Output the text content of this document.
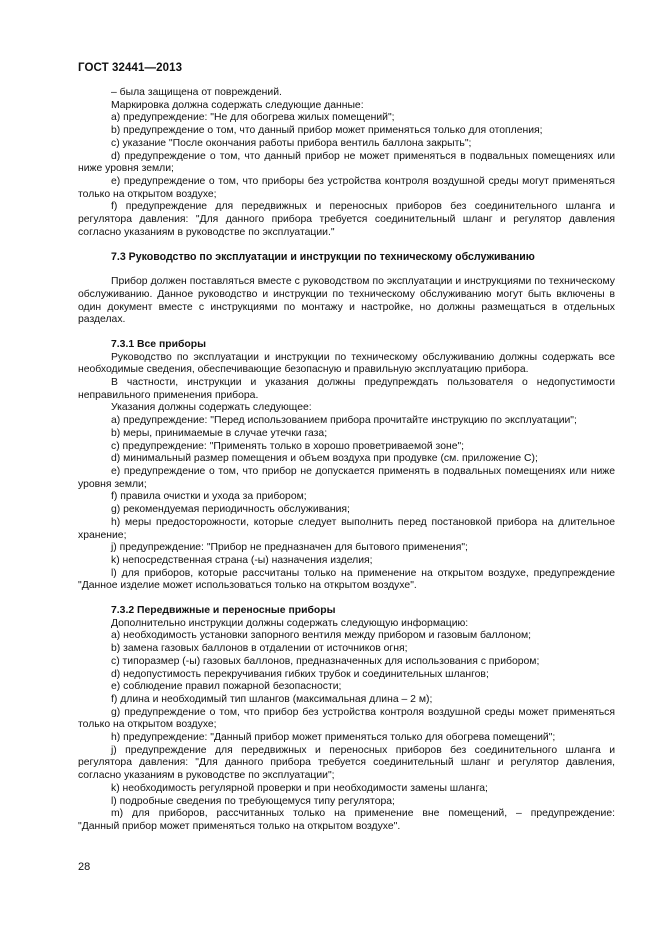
ГОСТ 32441—2013

– была защищена от повреждений.

Маркировка должна содержать следующие данные:

a) предупреждение: "Не для обогрева жилых помещений";

b) предупреждение о том, что данный прибор может применяться только для отопления;

c) указание "После окончания работы прибора вентиль баллона закрыть";

d) предупреждение о том, что данный прибор не может применяться в подвальных помещениях или ниже уровня земли;

e) предупреждение о том, что приборы без устройства контроля воздушной среды могут применяться только на открытом воздухе;

f) предупреждение для передвижных и переносных приборов без соединительного шланга и регулятора давления: "Для данного прибора требуется соединительный шланг и регулятор давления согласно указаниям в руководстве по эксплуатации."

7.3 Руководство по эксплуатации и инструкции по техническому обслуживанию

Прибор должен поставляться вместе с руководством по эксплуатации и инструкциями по техническому обслуживанию. Данное руководство и инструкции по техническому обслуживанию могут быть включены в один документ вместе с инструкциями по монтажу и настройке, но должны размещаться в отдельных разделах.

7.3.1 Все приборы

Руководство по эксплуатации и инструкции по техническому обслуживанию должны содержать все необходимые сведения, обеспечивающие безопасную и правильную эксплуатацию прибора.

В частности, инструкции и указания должны предупреждать пользователя о недопустимости неправильного применения прибора.

Указания должны содержать следующее:

a) предупреждение: "Перед использованием прибора прочитайте инструкцию по эксплуатации";

b) меры, принимаемые в случае утечки газа;

c) предупреждение: "Применять только в хорошо проветриваемой зоне";

d) минимальный размер помещения и объем воздуха при продувке (см. приложение С);

e) предупреждение о том, что прибор не допускается применять в подвальных помещениях или ниже уровня земли;

f) правила очистки и ухода за прибором;

g) рекомендуемая периодичность обслуживания;

h) меры предосторожности, которые следует выполнить перед постановкой прибора на длительное хранение;

j) предупреждение: "Прибор не предназначен для бытового применения";

k) непосредственная страна (-ы) назначения изделия;

l) для приборов, которые рассчитаны только на применение на открытом воздухе, предупреждение "Данное изделие может использоваться только на открытом воздухе".

7.3.2 Передвижные и переносные приборы

Дополнительно инструкции должны содержать следующую информацию:

a) необходимость установки запорного вентиля между прибором и газовым баллоном;

b) замена газовых баллонов в отдалении от источников огня;

c) типоразмер (-ы) газовых баллонов, предназначенных для использования с прибором;

d) недопустимость перекручивания гибких трубок и соединительных шлангов;

e) соблюдение правил пожарной безопасности;

f) длина и необходимый тип шлангов (максимальная длина – 2 м);

g) предупреждение о том, что прибор без устройства контроля воздушной среды может применяться только на открытом воздухе;

h) предупреждение: "Данный прибор может применяться только для обогрева помещений";

j) предупреждение для передвижных и переносных приборов без соединительного шланга и регулятора давления: "Для данного прибора требуется соединительный шланг и регулятор давления, согласно указаниям в руководстве по эксплуатации";

k) необходимость регулярной проверки и при необходимости замены шланга;

l) подробные сведения по требующемуся типу регулятора;

m) для приборов, рассчитанных только на применение вне помещений, – предупреждение:

"Данный прибор может применяться только на открытом воздухе".

28
